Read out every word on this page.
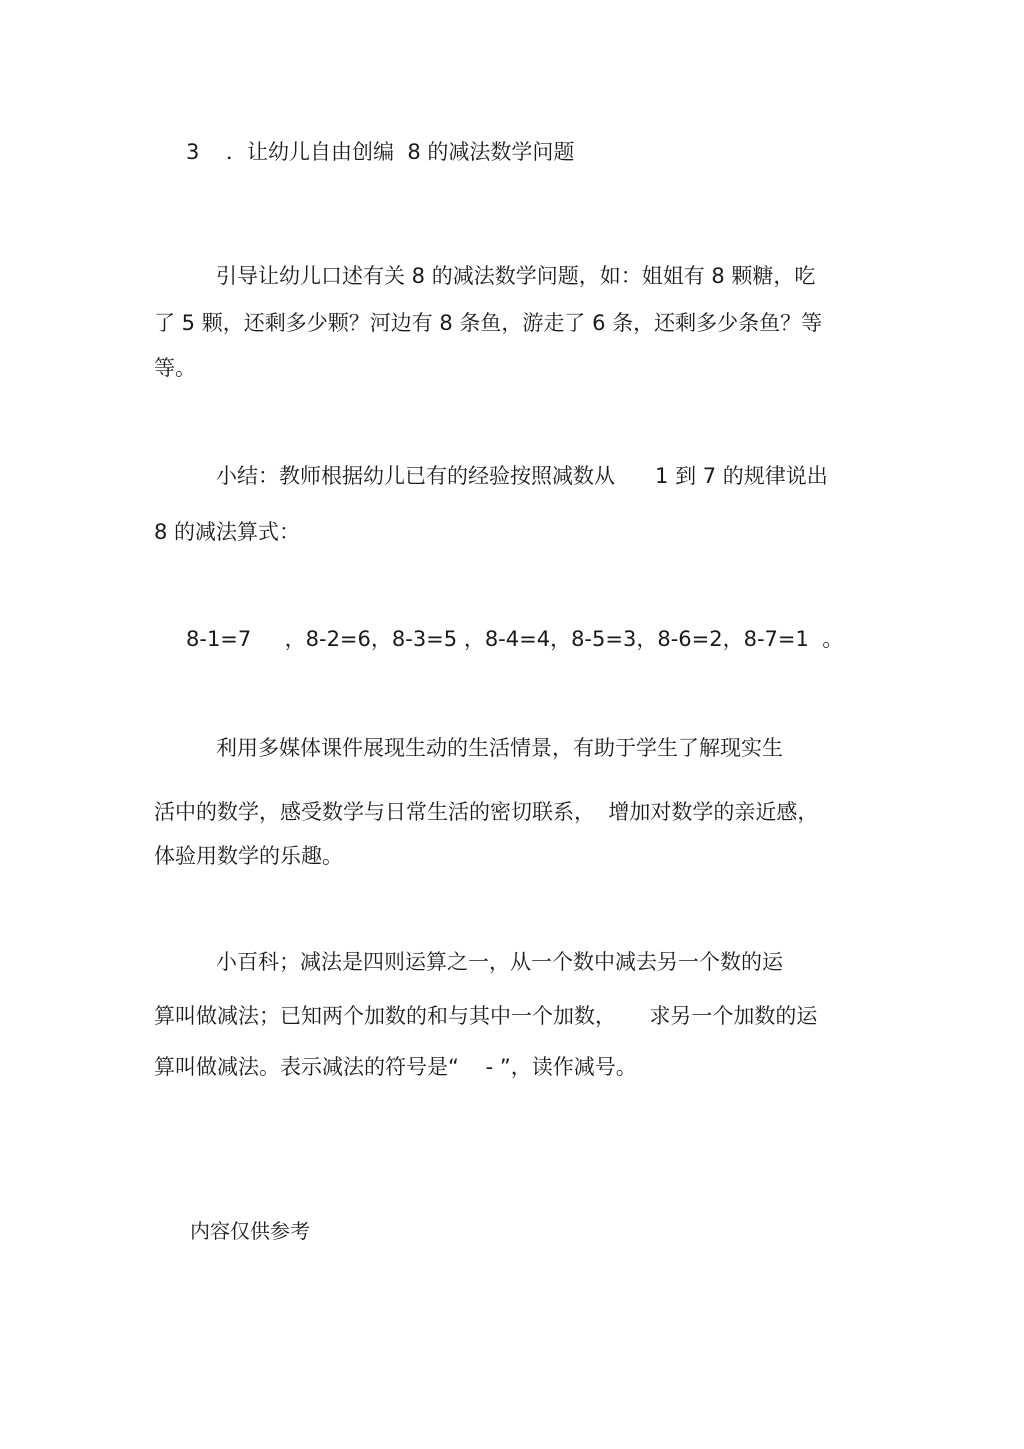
3 ．让幼儿自由创编  8 的减法数学问题
引导让幼儿口述有关 8 的减法数学问题，如：姐姐有 8 颗糖，吃
了 5 颗，还剩多少颗？河边有 8 条鱼，游走了 6 条，还剩多少条鱼？等
等。
小结：教师根据幼儿已有的经验按照减数从      1 到 7 的规律说出
8 的减法算式：
8-1=7     ，8-2=6，8-3=5 ，8-4=4，8-5=3，8-6=2，8-7=1  。
利用多媒体课件展现生动的生活情景，有助于学生了解现实生
活中的数学，感受数学与日常生活的密切联系，  增加对数学的亲近感，
体验用数学的乐趣。
小百科；减法是四则运算之一，从一个数中减去另一个数的运
算叫做减法；已知两个加数的和与其中一个加数，     求另一个加数的运
算叫做减法。表示减法的符号是“    - ”，读作减号。
内容仅供参考
